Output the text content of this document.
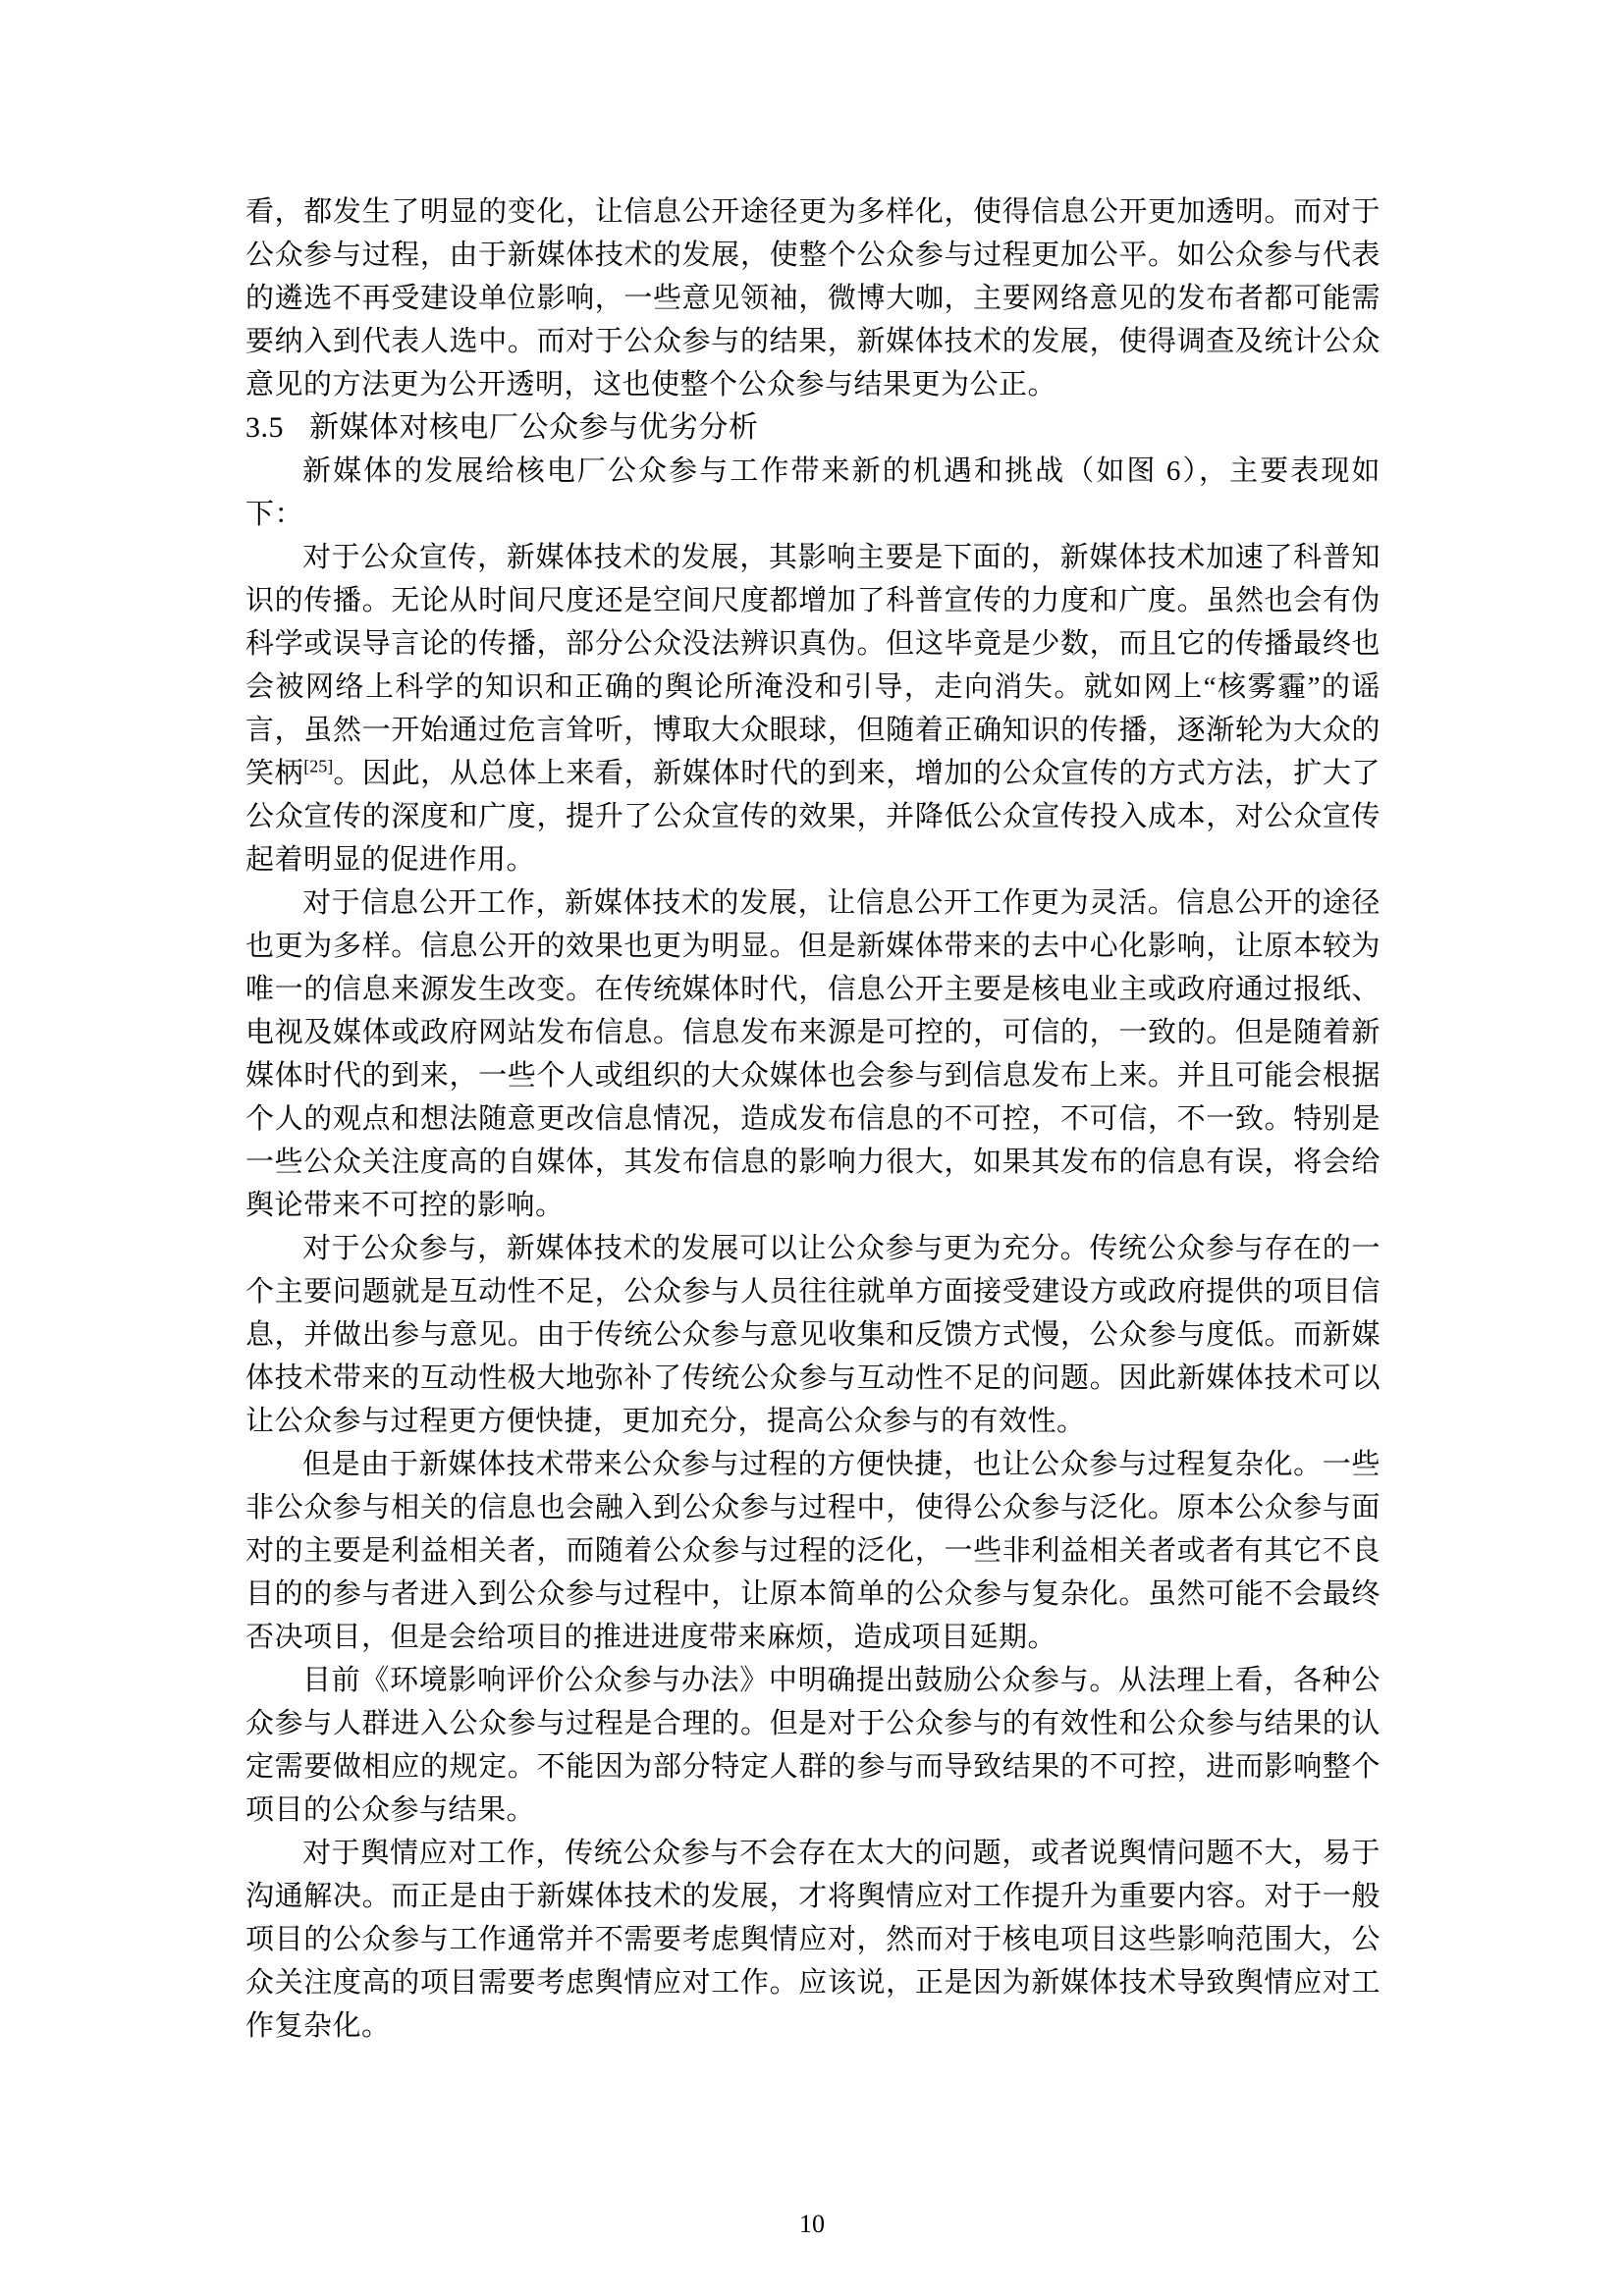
看，都发生了明显的变化，让信息公开途径更为多样化，使得信息公开更加透明。而对于公众参与过程，由于新媒体技术的发展，使整个公众参与过程更加公平。如公众参与代表的遴选不再受建设单位影响，一些意见领袖，微博大咖，主要网络意见的发布者都可能需要纳入到代表人选中。而对于公众参与的结果，新媒体技术的发展，使得调查及统计公众意见的方法更为公开透明，这也使整个公众参与结果更为公正。

3.5 新媒体对核电厂公众参与优劣分析

新媒体的发展给核电厂公众参与工作带来新的机遇和挑战（如图 6），主要表现如下：

对于公众宣传，新媒体技术的发展，其影响主要是下面的，新媒体技术加速了科普知识的传播。无论从时间尺度还是空间尺度都增加了科普宣传的力度和广度。虽然也会有伪科学或误导言论的传播，部分公众没法辨识真伪。但这毕竟是少数，而且它的传播最终也会被网络上科学的知识和正确的舆论所淹没和引导，走向消失。就如网上“核雾霾”的谣言，虽然一开始通过危言耸听，博取大众眼球，但随着正确知识的传播，逐渐轮为大众的笑柄[25]。因此，从总体上来看，新媒体时代的到来，增加的公众宣传的方式方法，扩大了公众宣传的深度和广度，提升了公众宣传的效果，并降低公众宣传投入成本，对公众宣传起着明显的促进作用。

对于信息公开工作，新媒体技术的发展，让信息公开工作更为灵活。信息公开的途径也更为多样。信息公开的效果也更为明显。但是新媒体带来的去中心化影响，让原本较为唯一的信息来源发生改变。在传统媒体时代，信息公开主要是核电业主或政府通过报纸、电视及媒体或政府网站发布信息。信息发布来源是可控的，可信的，一致的。但是随着新媒体时代的到来，一些个人或组织的大众媒体也会参与到信息发布上来。并且可能会根据个人的观点和想法随意更改信息情况，造成发布信息的不可控，不可信，不一致。特别是一些公众关注度高的自媒体，其发布信息的影响力很大，如果其发布的信息有误，将会给舆论带来不可控的影响。

对于公众参与，新媒体技术的发展可以让公众参与更为充分。传统公众参与存在的一个主要问题就是互动性不足，公众参与人员往往就单方面接受建设方或政府提供的项目信息，并做出参与意见。由于传统公众参与意见收集和反馈方式慢，公众参与度低。而新媒体技术带来的互动性极大地弥补了传统公众参与互动性不足的问题。因此新媒体技术可以让公众参与过程更方便快捷，更加充分，提高公众参与的有效性。

但是由于新媒体技术带来公众参与过程的方便快捷，也让公众参与过程复杂化。一些非公众参与相关的信息也会融入到公众参与过程中，使得公众参与泛化。原本公众参与面对的主要是利益相关者，而随着公众参与过程的泛化，一些非利益相关者或者有其它不良目的的参与者进入到公众参与过程中，让原本简单的公众参与复杂化。虽然可能不会最终否决项目，但是会给项目的推进进度带来麻烦，造成项目延期。

目前《环境影响评价公众参与办法》中明确提出鼓励公众参与。从法理上看，各种公众参与人群进入公众参与过程是合理的。但是对于公众参与的有效性和公众参与结果的认定需要做相应的规定。不能因为部分特定人群的参与而导致结果的不可控，进而影响整个项目的公众参与结果。

对于舆情应对工作，传统公众参与不会存在太大的问题，或者说舆情问题不大，易于沟通解决。而正是由于新媒体技术的发展，才将舆情应对工作提升为重要内容。对于一般项目的公众参与工作通常并不需要考虑舆情应对，然而对于核电项目这些影响范围大，公众关注度高的项目需要考虑舆情应对工作。应该说，正是因为新媒体技术导致舆情应对工作复杂化。

10
